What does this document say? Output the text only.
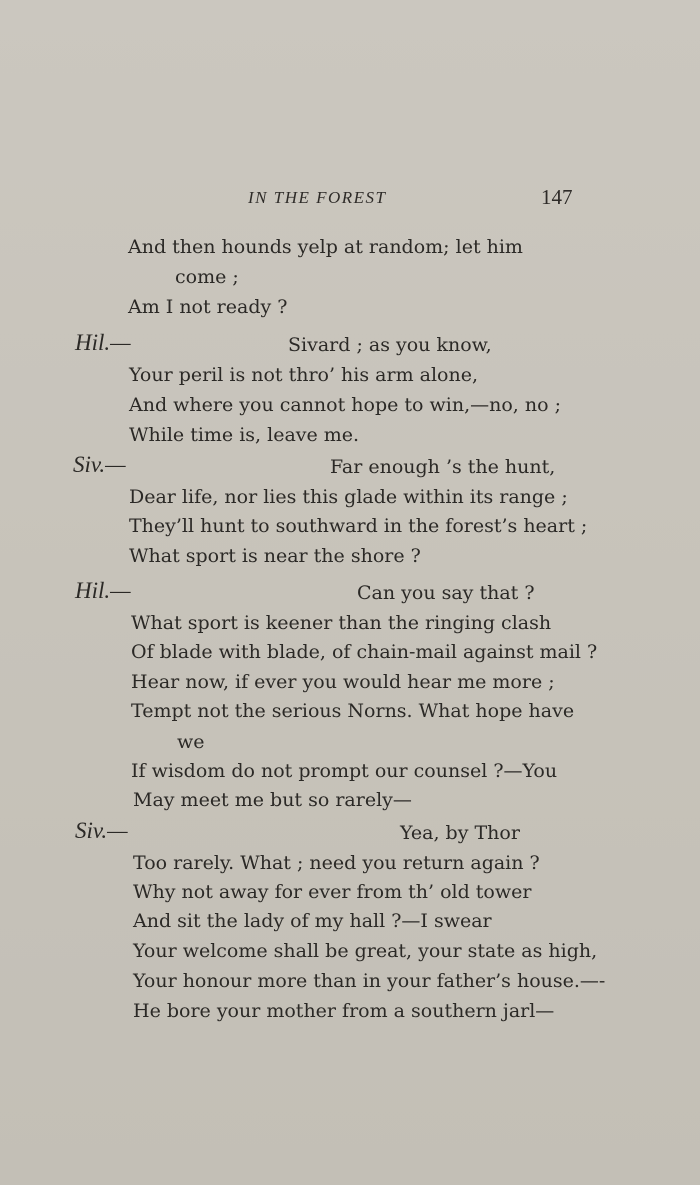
IN THE FOREST	147
And then hounds yelp at random; let him
come ;
Am I not ready ?
Hil.—	Sivard ; as you know,
Your peril is not thro’ his arm alone,
And where you cannot hope to win,—no, no ;
While time is, leave me.
Siv.—	Far enough ’s the hunt,
Dear life, nor lies this glade within its range ;
They’ll hunt to southward in the forest’s heart ;
What sport is near the shore ?
Hil.—	Can you say that ?
What sport is keener than the ringing clash
Of blade with blade, of chain-mail against mail ?
Hear now, if ever you would hear me more ;
Tempt not the serious Norns. What hope have
we
If wisdom do not prompt our counsel ?—You
May meet me but so rarely—
Siv.—	Yea, by Thor
Too rarely. What ; need you return again ?
Why not away for ever from th’ old tower
And sit the lady of my hall ?—I swear
Your welcome shall be great, your state as high,
Your honour more than in your father’s house.—-
He bore your mother from a southern jarl—
